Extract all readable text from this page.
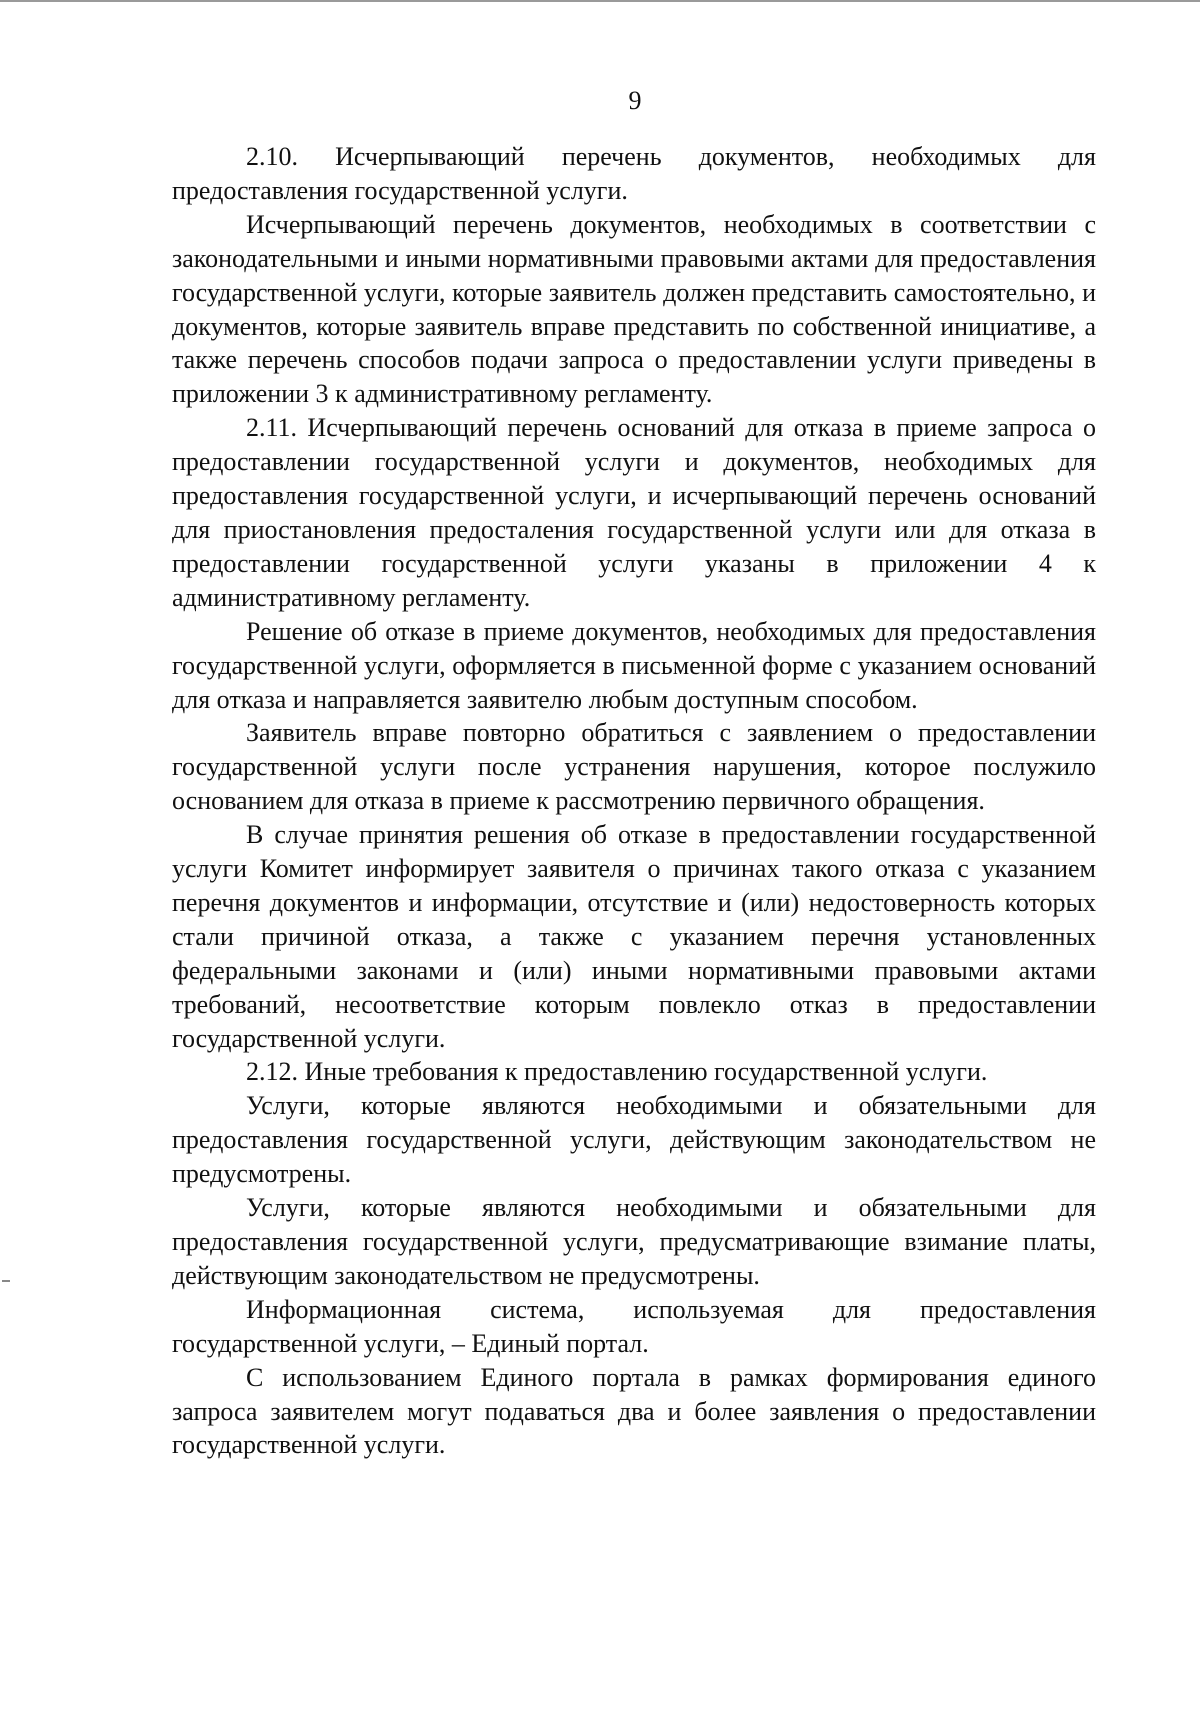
9

2.10. Исчерпывающий перечень документов, необходимых для предоставления государственной услуги.

Исчерпывающий перечень документов, необходимых в соответствии с законодательными и иными нормативными правовыми актами для предоставления государственной услуги, которые заявитель должен представить самостоятельно, и документов, которые заявитель вправе представить по собственной инициативе, а также перечень способов подачи запроса о предоставлении услуги приведены в приложении 3 к административному регламенту.

2.11. Исчерпывающий перечень оснований для отказа в приеме запроса о предоставлении государственной услуги и документов, необходимых для предоставления государственной услуги, и исчерпывающий перечень оснований для приостановления предосталения государственной услуги или для отказа в предоставлении государственной услуги указаны в приложении 4 к административному регламенту.

Решение об отказе в приеме документов, необходимых для предоставления государственной услуги, оформляется в письменной форме с указанием оснований для отказа и направляется заявителю любым доступным способом.

Заявитель вправе повторно обратиться с заявлением о предоставлении государственной услуги после устранения нарушения, которое послужило основанием для отказа в приеме к рассмотрению первичного обращения.

В случае принятия решения об отказе в предоставлении государственной услуги Комитет информирует заявителя о причинах такого отказа с указанием перечня документов и информации, отсутствие и (или) недостоверность которых стали причиной отказа, а также с указанием перечня установленных федеральными законами и (или) иными нормативными правовыми актами требований, несоответствие которым повлекло отказ в предоставлении государственной услуги.

2.12. Иные требования к предоставлению государственной услуги.

Услуги, которые являются необходимыми и обязательными для предоставления государственной услуги, действующим законодательством не предусмотрены.

Услуги, которые являются необходимыми и обязательными для предоставления государственной услуги, предусматривающие взимание платы, действующим законодательством не предусмотрены.

Информационная система, используемая для предоставления государственной услуги, – Единый портал.

С использованием Единого портала в рамках формирования единого запроса заявителем могут подаваться два и более заявления о предоставлении государственной услуги.
